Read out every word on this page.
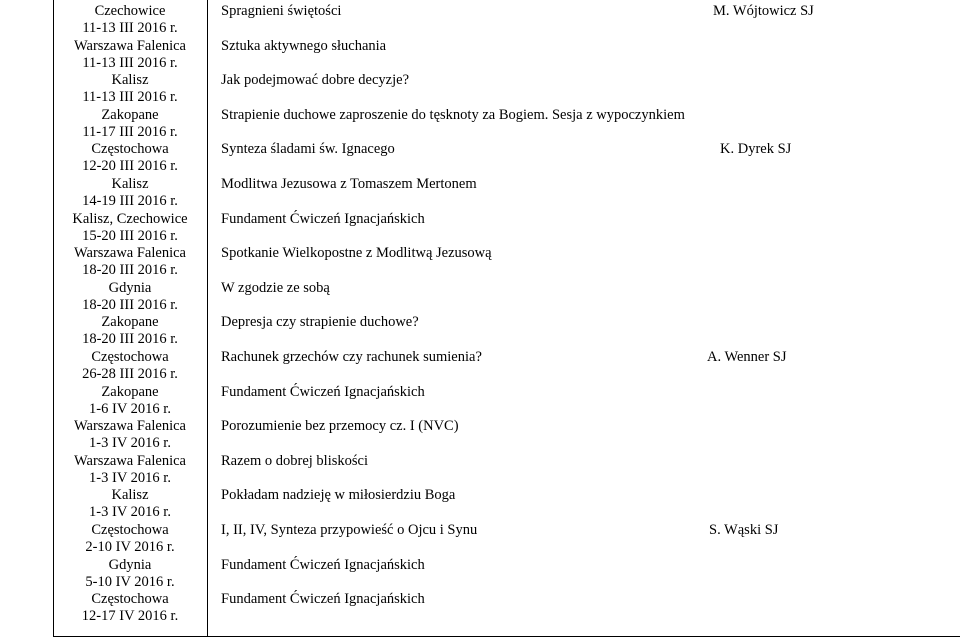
Czechowice
11-13 III 2016 r.
Spragnieni świętości	M. Wójtowicz SJ
Warszawa Falenica
11-13 III 2016 r.
Sztuka aktywnego słuchania
Kalisz
11-13 III 2016 r.
Jak podejmować dobre decyzje?
Zakopane
11-17 III 2016 r.
Strapienie duchowe zaproszenie do tęsknoty za Bogiem. Sesja z wypoczynkiem
Częstochowa
12-20 III 2016 r.
Synteza śladami św. Ignacego	K. Dyrek SJ
Kalisz
14-19 III 2016 r.
Modlitwa Jezusowa z Tomaszem Mertonem
Kalisz, Czechowice
15-20 III 2016 r.
Fundament Ćwiczeń Ignacjańskich
Warszawa Falenica
18-20 III 2016 r.
Spotkanie Wielkopostne z Modlitwą Jezusową
Gdynia
18-20 III 2016 r.
W zgodzie ze sobą
Zakopane
18-20 III 2016 r.
Depresja czy strapienie duchowe?
Częstochowa
26-28 III 2016 r.
Rachunek grzechów czy rachunek sumienia?	A. Wenner SJ
Zakopane
1-6 IV 2016 r.
Fundament Ćwiczeń Ignacjańskich
Warszawa Falenica
1-3 IV 2016 r.
Porozumienie bez przemocy cz. I (NVC)
Warszawa Falenica
1-3 IV 2016 r.
Razem o dobrej bliskości
Kalisz
1-3 IV 2016 r.
Pokładam nadzieję w miłosierdziu Boga
Częstochowa
2-10 IV 2016 r.
I, II, IV, Synteza przypowieść o Ojcu i Synu	S. Wąski SJ
Gdynia
5-10 IV 2016 r.
Fundament Ćwiczeń Ignacjańskich
Częstochowa
12-17 IV 2016 r.
Fundament Ćwiczeń Ignacjańskich
